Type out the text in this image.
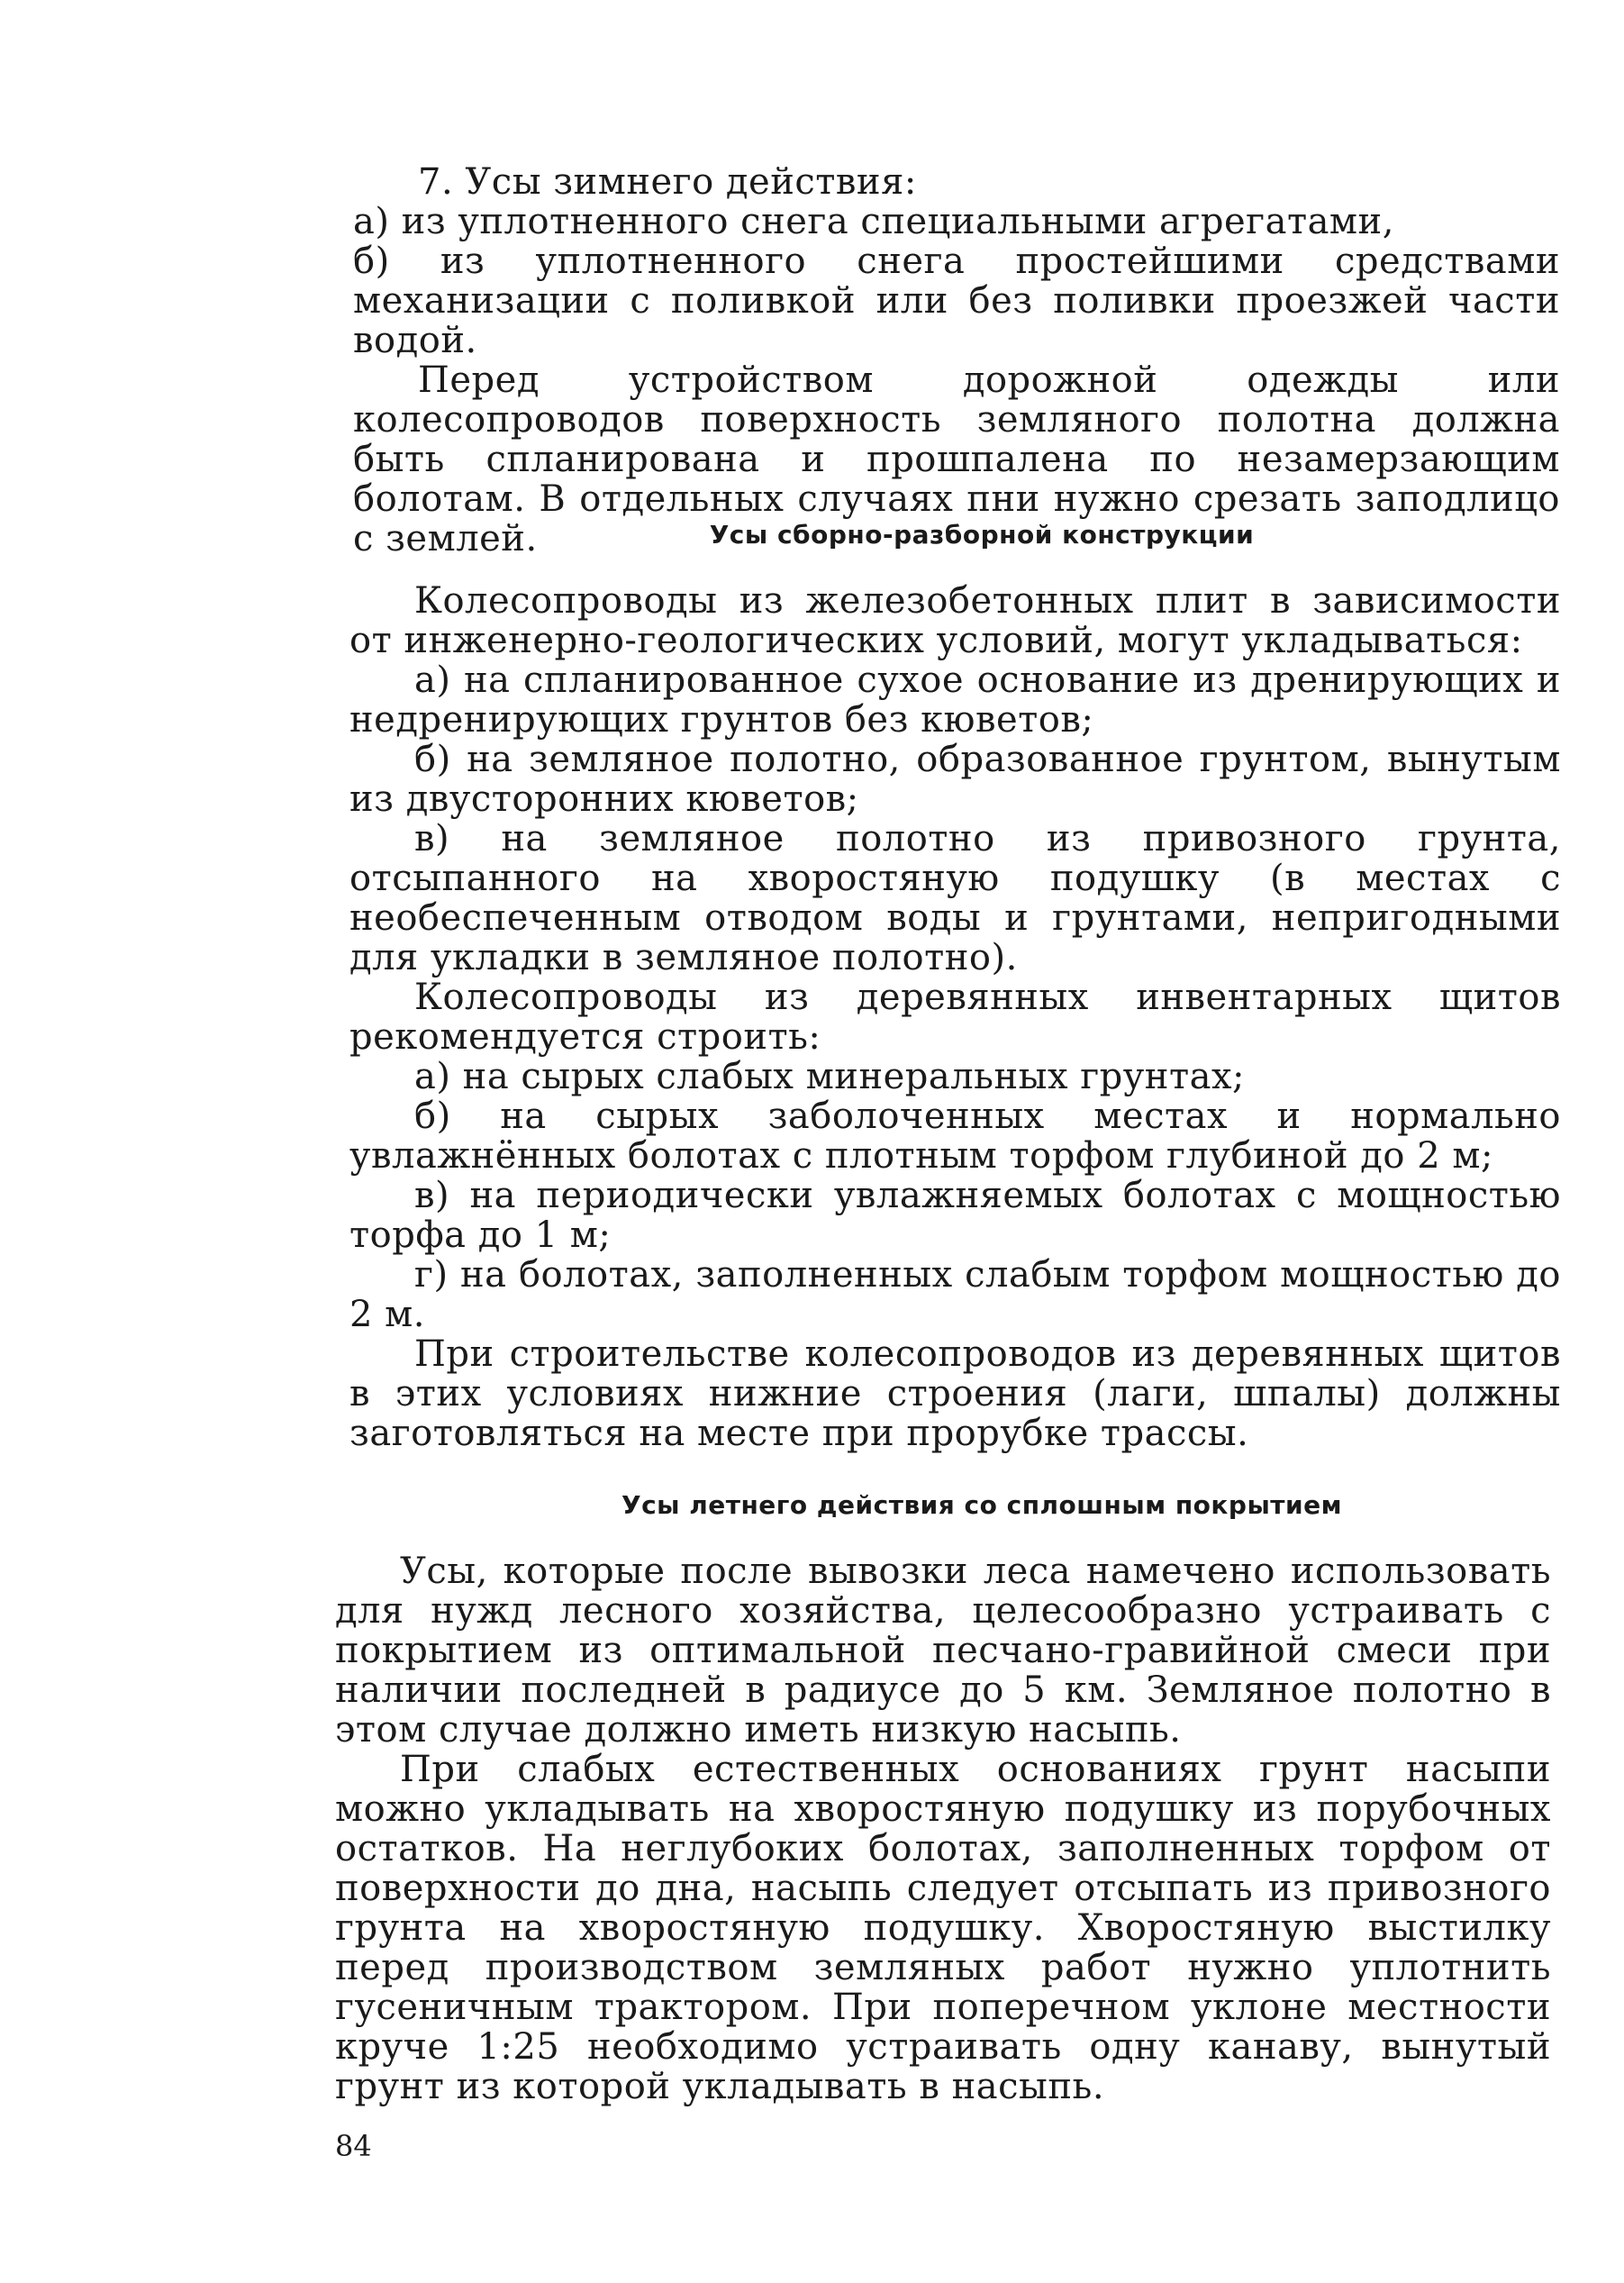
7. Усы зимнего действия:

а) из уплотненного снега специальными агрегатами,

б) из уплотненного снега простейшими средствами механизации с поливкой или без поливки проезжей части водой.

Перед устройством дорожной одежды или колесопроводов поверхность земляного полотна должна быть спланирована и прошпалена по незамерзающим болотам. В отдельных случаях пни нужно срезать заподлицо с землей.	Усы сборно-разборной конструкции

Колесопроводы из железобетонных плит в зависимости от инженерно-геологических условий, могут укладываться:

а) на спланированное сухое основание из дренирующих и недренирующих грунтов без кюветов;

б) на земляное полотно, образованное грунтом, вынутым из двусторонних кюветов;

в) на земляное полотно из привозного грунта, отсыпанного на хворостяную подушку (в местах с необеспеченным отводом воды и грунтами, непригодными для укладки в земляное полотно).

Колесопроводы из деревянных инвентарных щитов рекомендуется строить:

а) на сырых слабых минеральных грунтах;

б) на сырых заболоченных местах и нормально увлажнённых болотах с плотным торфом глубиной до 2 м;

в) на периодически увлажняемых болотах с мощностью торфа до 1 м;

г) на болотах, заполненных слабым торфом мощностью до 2 м.

При строительстве колесопроводов из деревянных щитов в этих условиях нижние строения (лаги, шпалы) должны заготовляться на месте при прорубке трассы.

Усы летнего действия со сплошным покрытием

Усы, которые после вывозки леса намечено использовать для нужд лесного хозяйства, целесообразно устраивать с покрытием из оптимальной песчано-гравийной смеси при наличии последней в радиусе до 5 км. Земляное полотно в этом случае должно иметь низкую насыпь.

При слабых естественных основаниях грунт насыпи можно укладывать на хворостяную подушку из порубочных остатков. На неглубоких болотах, заполненных торфом от поверхности до дна, насыпь следует отсыпать из привозного грунта на хворостяную подушку. Хворостяную выстилку перед производством земляных работ нужно уплотнить гусеничным трактором. При поперечном уклоне местности круче 1:25 необходимо устраивать одну канаву, вынутый грунт из которой укладывать в насыпь.

84
